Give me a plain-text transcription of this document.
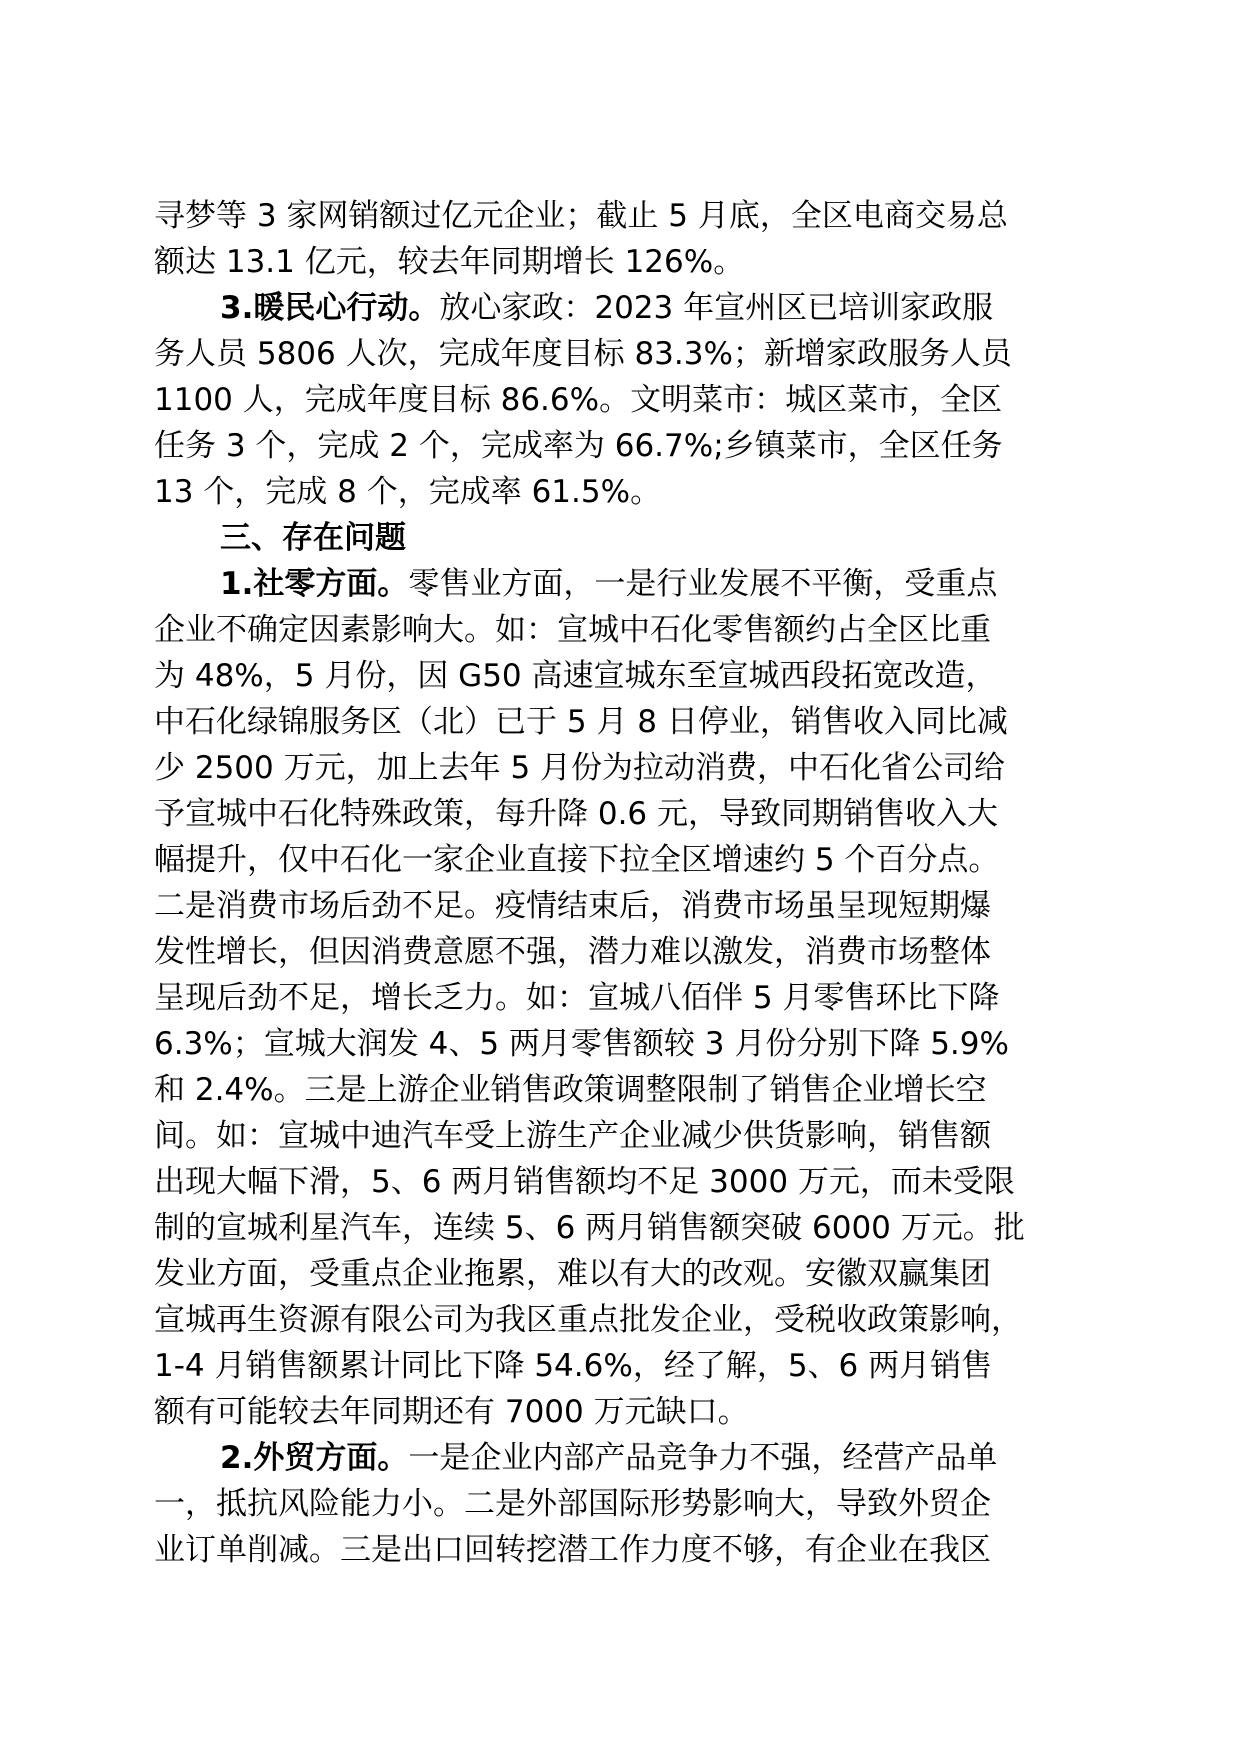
寻梦等 3 家网销额过亿元企业；截止 5 月底，全区电商交易总
额达 13.1 亿元，较去年同期增长 126%。
3.暖民心行动。放心家政：2023 年宣州区已培训家政服
务人员 5806 人次，完成年度目标 83.3%；新增家政服务人员
1100 人，完成年度目标 86.6%。文明菜市：城区菜市，全区
任务 3 个，完成 2 个，完成率为 66.7%;乡镇菜市，全区任务
13 个，完成 8 个，完成率 61.5%。
三、存在问题
1.社零方面。零售业方面，一是行业发展不平衡，受重点
企业不确定因素影响大。如：宣城中石化零售额约占全区比重
为 48%，5 月份，因 G50 高速宣城东至宣城西段拓宽改造，
中石化绿锦服务区（北）已于 5 月 8 日停业，销售收入同比减
少 2500 万元，加上去年 5 月份为拉动消费，中石化省公司给
予宣城中石化特殊政策，每升降 0.6 元，导致同期销售收入大
幅提升，仅中石化一家企业直接下拉全区增速约 5 个百分点。
二是消费市场后劲不足。疫情结束后，消费市场虽呈现短期爆
发性增长，但因消费意愿不强，潜力难以激发，消费市场整体
呈现后劲不足，增长乏力。如：宣城八佰伴 5 月零售环比下降
6.3%；宣城大润发 4、5 两月零售额较 3 月份分别下降 5.9%
和 2.4%。三是上游企业销售政策调整限制了销售企业增长空
间。如：宣城中迪汽车受上游生产企业减少供货影响，销售额
出现大幅下滑，5、6 两月销售额均不足 3000 万元，而未受限
制的宣城利星汽车，连续 5、6 两月销售额突破 6000 万元。批
发业方面，受重点企业拖累，难以有大的改观。安徽双赢集团
宣城再生资源有限公司为我区重点批发企业，受税收政策影响，
1-4 月销售额累计同比下降 54.6%，经了解，5、6 两月销售
额有可能较去年同期还有 7000 万元缺口。
2.外贸方面。一是企业内部产品竞争力不强，经营产品单
一，抵抗风险能力小。二是外部国际形势影响大，导致外贸企
业订单削减。三是出口回转挖潜工作力度不够，有企业在我区
